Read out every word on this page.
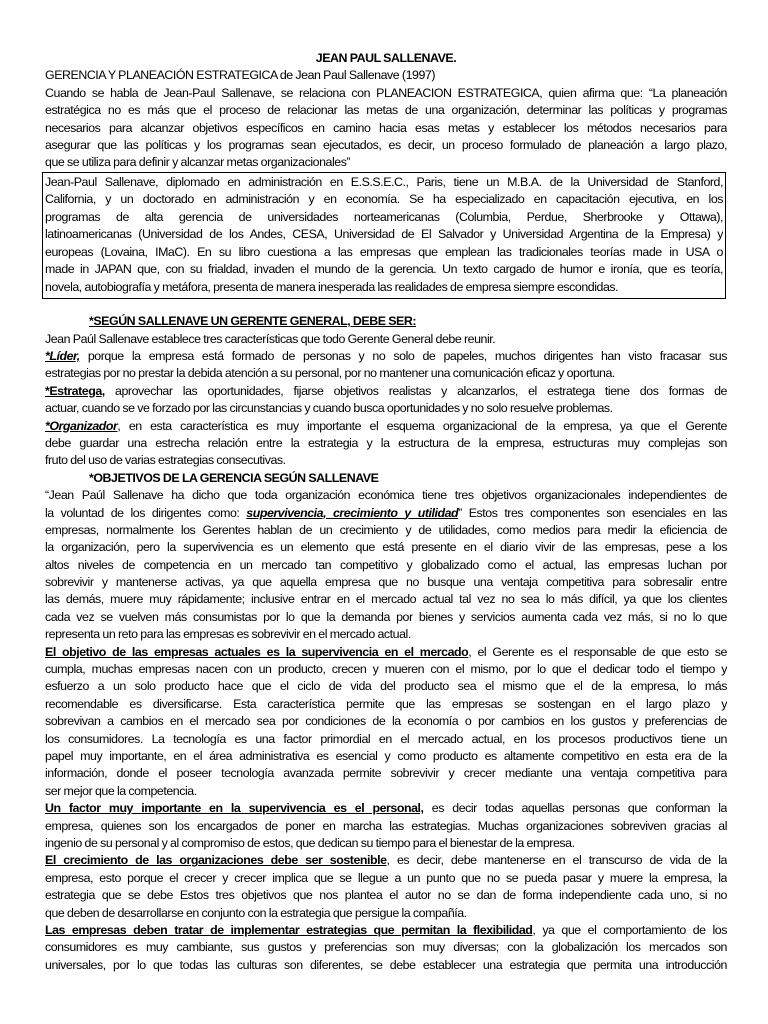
JEAN PAUL SALLENAVE.
GERENCIA Y PLANEACIÓN ESTRATEGICA de Jean Paul Sallenave (1997)
Cuando se habla de Jean-Paul Sallenave, se relaciona con PLANEACION ESTRATEGICA, quien afirma que: “La planeación
estratégica no es más que el proceso de relacionar las metas de una organización, determinar las políticas y programas
necesarios para alcanzar objetivos específicos en camino hacia esas metas y establecer los métodos necesarios para
asegurar que las políticas y los programas sean ejecutados, es decir, un proceso formulado de planeación a largo plazo,
que se utiliza para definir y alcanzar metas organizacionales”
Jean-Paul Sallenave, diplomado en administración en E.S.S.E.C., Paris, tiene un M.B.A. de la Universidad de Stanford,
California, y un doctorado en administración y en economía. Se ha especializado en capacitación ejecutiva, en los
programas de alta gerencia de universidades norteamericanas (Columbia, Perdue, Sherbrooke y Ottawa),
latinoamericanas (Universidad de los Andes, CESA, Universidad de El Salvador y Universidad Argentina de la Empresa) y
europeas (Lovaina, IMaC). En su libro cuestiona a las empresas que emplean las tradicionales teorías made in USA o
made in JAPAN que, con su frialdad, invaden el mundo de la gerencia. Un texto cargado de humor e ironía, que es teoría,
novela, autobiografía y metáfora, presenta de manera inesperada las realidades de empresa siempre escondidas.
*SEGÚN SALLENAVE UN GERENTE GENERAL, DEBE SER:
Jean Paúl Sallenave establece tres características que todo Gerente General debe reunir.
*Líder, porque la empresa está formado de personas y no solo de papeles, muchos dirigentes han visto fracasar sus
estrategias por no prestar la debida atención a su personal, por no mantener una comunicación eficaz y oportuna.
*Estratega, aprovechar las oportunidades, fijarse objetivos realistas y alcanzarlos, el estratega tiene dos formas de
actuar, cuando se ve forzado por las circunstancias y cuando busca oportunidades y no solo resuelve problemas.
*Organizador, en esta característica es muy importante el esquema organizacional de la empresa, ya que el Gerente
debe guardar una estrecha relación entre la estrategia y la estructura de la empresa, estructuras muy complejas son
fruto del uso de varias estrategias consecutivas.
*OBJETIVOS DE LA GERENCIA SEGÚN SALLENAVE
“Jean Paúl Sallenave ha dicho que toda organización económica tiene tres objetivos organizacionales independientes de
la voluntad de los dirigentes como: supervivencia, crecimiento y utilidad” Estos tres componentes son esenciales en las
empresas, normalmente los Gerentes hablan de un crecimiento y de utilidades, como medios para medir la eficiencia de
la organización, pero la supervivencia es un elemento que está presente en el diario vivir de las empresas, pese a los
altos niveles de competencia en un mercado tan competitivo y globalizado como el actual, las empresas luchan por
sobrevivir y mantenerse activas, ya que aquella empresa que no busque una ventaja competitiva para sobresalir entre
las demás, muere muy rápidamente; inclusive entrar en el mercado actual tal vez no sea lo más difícil, ya que los clientes
cada vez se vuelven más consumistas por lo que la demanda por bienes y servicios aumenta cada vez más, si no lo que
representa un reto para las empresas es sobrevivir en el mercado actual.
El objetivo de las empresas actuales es la supervivencia en el mercado, el Gerente es el responsable de que esto se
cumpla, muchas empresas nacen con un producto, crecen y mueren con el mismo, por lo que el dedicar todo el tiempo y
esfuerzo a un solo producto hace que el ciclo de vida del producto sea el mismo que el de la empresa, lo más
recomendable es diversificarse. Esta característica permite que las empresas se sostengan en el largo plazo y
sobrevivan a cambios en el mercado sea por condiciones de la economía o por cambios en los gustos y preferencias de
los consumidores. La tecnología es una factor primordial en el mercado actual, en los procesos productivos tiene un
papel muy importante, en el área administrativa es esencial y como producto es altamente competitivo en esta era de la
información, donde el poseer tecnología avanzada permite sobrevivir y crecer mediante una ventaja competitiva para
ser mejor que la competencia.
Un factor muy importante en la supervivencia es el personal, es decir todas aquellas personas que conforman la
empresa, quienes son los encargados de poner en marcha las estrategias. Muchas organizaciones sobreviven gracias al
ingenio de su personal y al compromiso de estos, que dedican su tiempo para el bienestar de la empresa.
El crecimiento de las organizaciones debe ser sostenible, es decir, debe mantenerse en el transcurso de vida de la
empresa, esto porque el crecer y crecer implica que se llegue a un punto que no se pueda pasar y muere la empresa, la
estrategia que se debe Estos tres objetivos que nos plantea el autor no se dan de forma independiente cada uno, si no
que deben de desarrollarse en conjunto con la estrategia que persigue la compañía.
Las empresas deben tratar de implementar estrategias que permitan la flexibilidad, ya que el comportamiento de los
consumidores es muy cambiante, sus gustos y preferencias son muy diversas; con la globalización los mercados son
universales, por lo que todas las culturas son diferentes, se debe establecer una estrategia que permita una introducción
